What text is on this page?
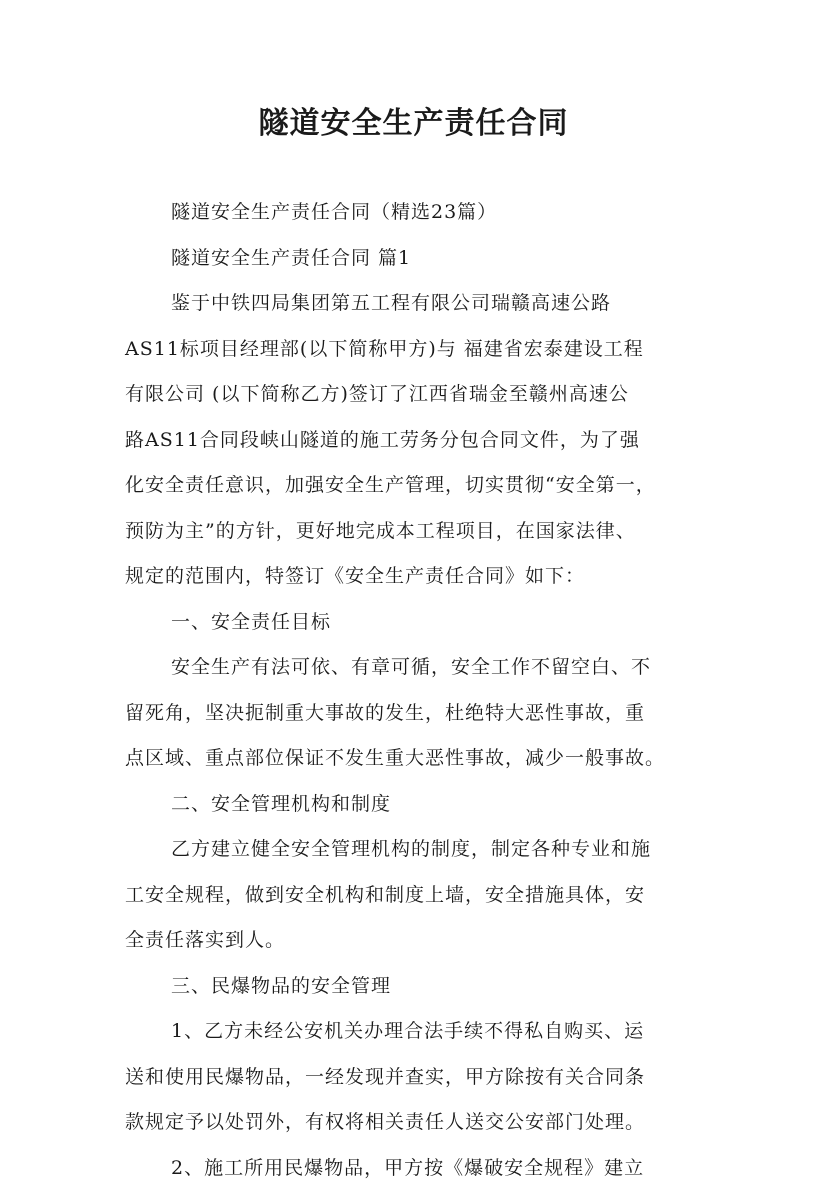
隧道安全生产责任合同
隧道安全生产责任合同（精选23篇）
隧道安全生产责任合同 篇1
鉴于中铁四局集团第五工程有限公司瑞赣高速公路
AS11标项目经理部(以下简称甲方)与 福建省宏泰建设工程
有限公司 (以下简称乙方)签订了江西省瑞金至赣州高速公
路AS11合同段峡山隧道的施工劳务分包合同文件，为了强
化安全责任意识，加强安全生产管理，切实贯彻“安全第一，
预防为主”的方针，更好地完成本工程项目，在国家法律、
规定的范围内，特签订《安全生产责任合同》如下：
一、安全责任目标
安全生产有法可依、有章可循，安全工作不留空白、不
留死角，坚决扼制重大事故的发生，杜绝特大恶性事故，重
点区域、重点部位保证不发生重大恶性事故，减少一般事故。
二、安全管理机构和制度
乙方建立健全安全管理机构的制度，制定各种专业和施
工安全规程，做到安全机构和制度上墙，安全措施具体，安
全责任落实到人。
三、民爆物品的安全管理
1、乙方未经公安机关办理合法手续不得私自购买、运
送和使用民爆物品，一经发现并查实，甲方除按有关合同条
款规定予以处罚外，有权将相关责任人送交公安部门处理。
2、施工所用民爆物品，甲方按《爆破安全规程》建立
